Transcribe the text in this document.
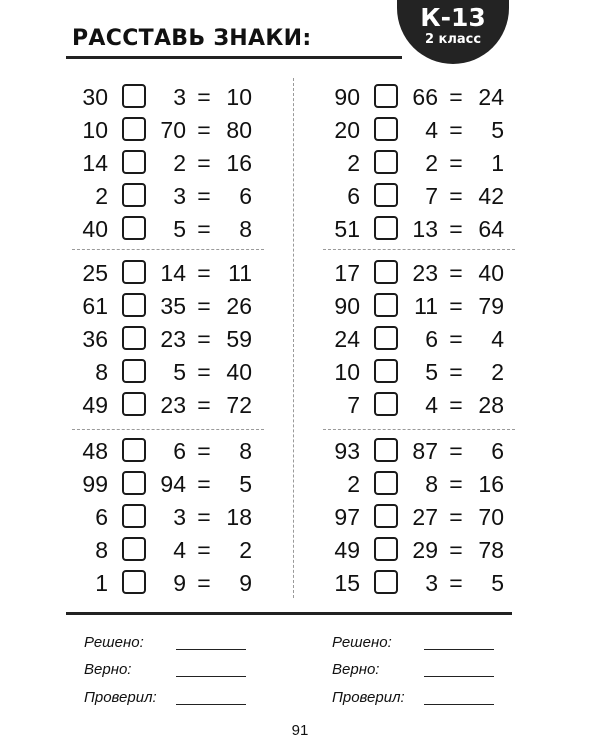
РАССТАВЬ ЗНАКИ:
К-13
2 класс
30	3 = 10
10	70 = 80
14	2 = 16
2	3 =	6
40	5 =	8
90	66 = 24
20	4 =	5
2	2 =	1
6	7 = 42
51	13 = 64
25	14 = 11
61	35 = 26
36	23 = 59
8	5 = 40
49	23 = 72
17	23 = 40
90	11 = 79
24	6 =	4
10	5 =	2
7	4 = 28
48	6 =	8
99	94 =	5
6	3 = 18
8	4 =	2
1	9 =	9
93	87 =	6
2	8 = 16
97	27 = 70
49	29 = 78
15	3 =	5
Решено:
Верно:
Проверил:
Решено:
Верно:
Проверил:
91
